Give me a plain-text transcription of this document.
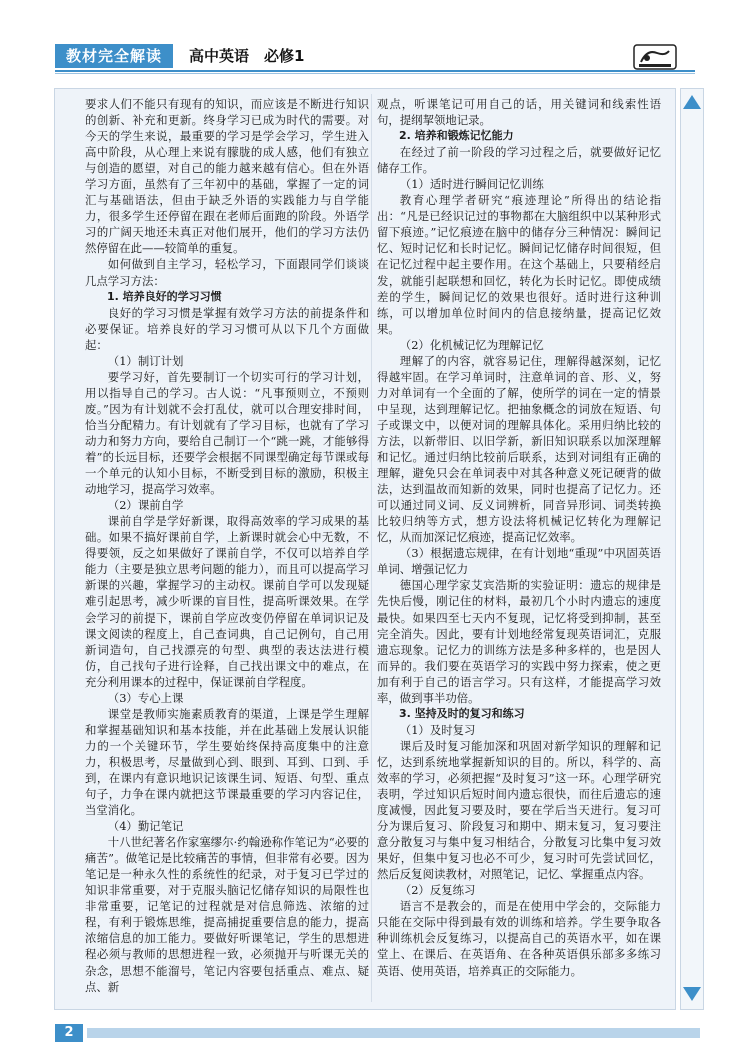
教材完全解读	高中英语　必修1

要求人们不能只有现有的知识，而应该是不断进行知识的创新、补充和更新。终身学习已成为时代的需要。对今天的学生来说，最重要的学习是学会学习，学生进入高中阶段，从心理上来说有朦胧的成人感，他们有独立与创造的愿望，对自己的能力越来越有信心。但在外语学习方面，虽然有了三年初中的基础，掌握了一定的词汇与基础语法，但由于缺乏外语的实践能力与自学能力，很多学生还停留在跟在老师后面跑的阶段。外语学习的广阔天地还未真正对他们展开，他们的学习方法仍然停留在此——较简单的重复。

如何做到自主学习，轻松学习，下面跟同学们谈谈几点学习方法：

1. 培养良好的学习习惯

良好的学习习惯是掌握有效学习方法的前提条件和必要保证。培养良好的学习习惯可从以下几个方面做起：

（1）制订计划

要学习好，首先要制订一个切实可行的学习计划，用以指导自己的学习。古人说：“凡事预则立，不预则废。”因为有计划就不会打乱仗，就可以合理安排时间，恰当分配精力。有计划就有了学习目标，也就有了学习动力和努力方向，要给自己制订一个“跳一跳，才能够得着”的长远目标，还要学会根据不同课型确定每节课或每一个单元的认知小目标，不断受到目标的激励，积极主动地学习，提高学习效率。

（2）课前自学

课前自学是学好新课，取得高效率的学习成果的基础。如果不搞好课前自学，上新课时就会心中无数，不得要领，反之如果做好了课前自学，不仅可以培养自学能力（主要是独立思考问题的能力），而且可以提高学习新课的兴趣，掌握学习的主动权。课前自学可以发现疑难引起思考，减少听课的盲目性，提高听课效果。在学会学习的前提下，课前自学应改变仍停留在单词识记及课文阅读的程度上，自己查词典，自己记例句，自己用新词造句，自己找漂亮的句型、典型的表达法进行模仿，自己找句子进行诠释，自己找出课文中的难点，在充分利用课本的过程中，保证课前自学程度。

（3）专心上课

课堂是教师实施素质教育的渠道，上课是学生理解和掌握基础知识和基本技能，并在此基础上发展认识能力的一个关键环节，学生要始终保持高度集中的注意力，积极思考，尽量做到心到、眼到、耳到、口到、手到，在课内有意识地识记该课生词、短语、句型、重点句子，力争在课内就把这节课最重要的学习内容记住，当堂消化。

（4）勤记笔记

十八世纪著名作家塞缪尔·约翰逊称作笔记为“必要的痛苦”。做笔记是比较痛苦的事情，但非常有必要。因为笔记是一种永久性的系统性的纪录，对于复习已学过的知识非常重要，对于克服头脑记忆储存知识的局限性也非常重要，记笔记的过程就是对信息筛选、浓缩的过程，有利于锻炼思维，提高捕捉重要信息的能力，提高浓缩信息的加工能力。要做好听课笔记，学生的思想进程必须与教师的思想进程一致，必须抛开与听课无关的杂念，思想不能溜号，笔记内容要包括重点、难点、疑点、新

观点，听课笔记可用自己的话，用关键词和线索性语句，提纲挈领地记录。

2. 培养和锻炼记忆能力

在经过了前一阶段的学习过程之后，就要做好记忆储存工作。

（1）适时进行瞬间记忆训练

教育心理学者研究“痕迹理论”所得出的结论指出：“凡是已经识记过的事物都在大脑组织中以某种形式留下痕迹。”记忆痕迹在脑中的储存分三种情况：瞬间记忆、短时记忆和长时记忆。瞬间记忆储存时间很短，但在记忆过程中起主要作用。在这个基础上，只要稍经启发，就能引起联想和回忆，转化为长时记忆。即使成绩差的学生，瞬间记忆的效果也很好。适时进行这种训练，可以增加单位时间内的信息接纳量，提高记忆效果。

（2）化机械记忆为理解记忆

理解了的内容，就容易记住，理解得越深刻，记忆得越牢固。在学习单词时，注意单词的音、形、义，努力对单词有一个全面的了解，使所学的词在一定的情景中呈现，达到理解记忆。把抽象概念的词放在短语、句子或课文中，以便对词的理解具体化。采用归纳比较的方法，以新带旧、以旧学新，新旧知识联系以加深理解和记忆。通过归纳比较前后联系，达到对词组有正确的理解，避免只会在单词表中对其各种意义死记硬背的做法，达到温故而知新的效果，同时也提高了记忆力。还可以通过同义词、反义词辨析，同音异形词、词类转换比较归纳等方式，想方设法将机械记忆转化为理解记忆，从而加深记忆痕迹，提高记忆效率。

（3）根据遗忘规律，在有计划地“重现”中巩固英语单词、增强记忆力

德国心理学家艾宾浩斯的实验证明：遗忘的规律是先快后慢，刚记住的材料，最初几个小时内遗忘的速度最快。如果四至七天内不复现，记忆将受到抑制，甚至完全消失。因此，要有计划地经常复现英语词汇，克服遗忘现象。记忆力的训练方法是多种多样的，也是因人而异的。我们要在英语学习的实践中努力探索，使之更加有利于自己的语言学习。只有这样，才能提高学习效率，做到事半功倍。

3. 坚持及时的复习和练习

（1）及时复习

课后及时复习能加深和巩固对新学知识的理解和记忆，达到系统地掌握新知识的目的。所以，科学的、高效率的学习，必须把握“及时复习”这一环。心理学研究表明，学过知识后短时间内遗忘很快，而往后遗忘的速度减慢，因此复习要及时，要在学后当天进行。复习可分为课后复习、阶段复习和期中、期末复习，复习要注意分散复习与集中复习相结合，分散复习比集中复习效果好，但集中复习也必不可少，复习时可先尝试回忆，然后反复阅读教材，对照笔记，记忆、掌握重点内容。

（2）反复练习

语言不是教会的，而是在使用中学会的，交际能力只能在交际中得到最有效的训练和培养。学生要争取各种训练机会反复练习，以提高自己的英语水平，如在课堂上、在课后、在英语角、在各种英语俱乐部多多练习英语、使用英语，培养真正的交际能力。

2
